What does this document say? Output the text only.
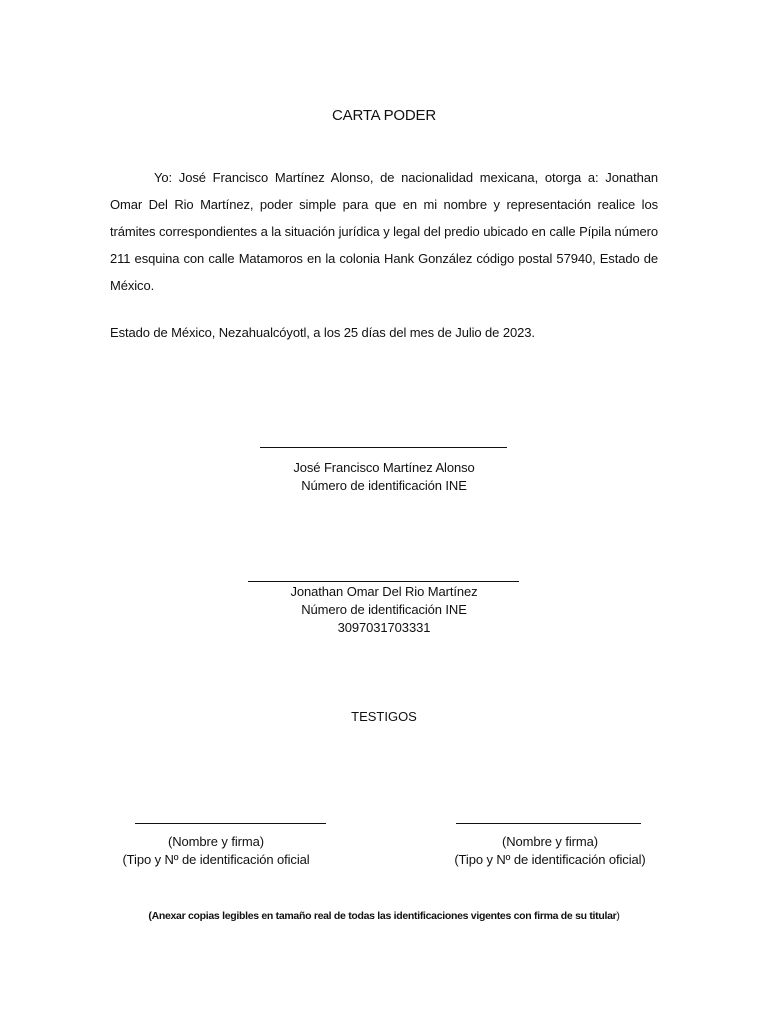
CARTA PODER

Yo: José Francisco Martínez Alonso, de nacionalidad mexicana, otorga a: Jonathan Omar Del Rio Martínez, poder simple para que en mi nombre y representación realice los trámites correspondientes a la situación jurídica y legal del predio ubicado en calle Pípila número 211 esquina con calle Matamoros en la colonia Hank González código postal 57940, Estado de México.

Estado de México, Nezahualcóyotl, a los 25 días del mes de Julio de 2023.
José Francisco Martínez Alonso
Número de identificación INE
Jonathan Omar Del Rio Martínez
Número de identificación INE
3097031703331
TESTIGOS
(Nombre y firma)
(Tipo y Nº de identificación oficial
(Nombre y firma)
(Tipo y Nº de identificación oficial)
(Anexar copias legibles en tamaño real de todas las identificaciones vigentes con firma de su titular)
